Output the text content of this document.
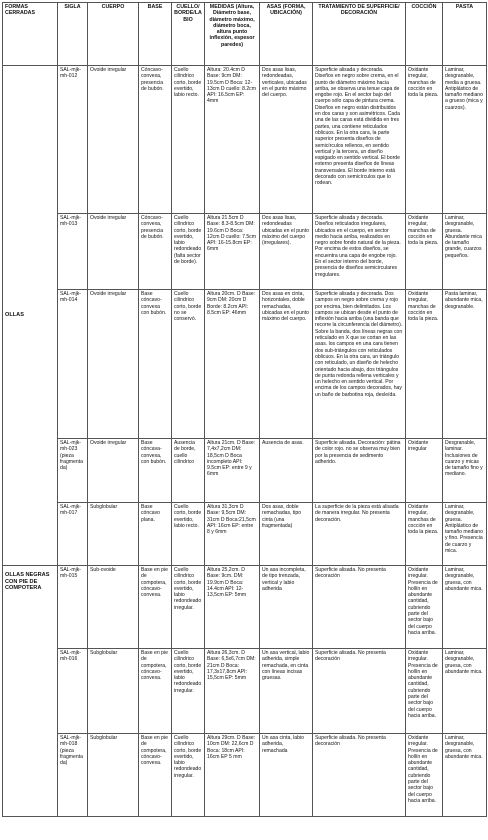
FORMAS CERRADAS	SIGLA	CUERPO	BASE	CUELLO/ BORDE/LABIO	MEDIDAS (Altura, Diámetro base, diámetro máximo, diámetro boca, altura punto inflexión, espesor paredes)	ASAS (FORMA, UBICACIÓN)	TRATAMIENTO DE SUPERFICIE/ DECORACIÓN	COCCIÓN	PASTA
OLLAS	SAL-mjk-mh-012	Ovoide irregular	Cóncavo-convexa, presencia de bubón.	Cuello cilíndrico corto, borde evertido, labio recto.	Altura: 20.4cm D Base: 9cm DM: 19.5cm D Boca: 12-13cm D cuello: 8.2cm API: 16.5cm EP: 4mm	Dos asas lisas, redondeadas, verticales, ubicadas en el punto máximo del cuerpo.	Superficie alisada y decorada. Diseños en negro sobre crema, en el punto de diámetro máximo hacia arriba, se observa una tenue capa de engobe rojo. En el sector bajo del cuerpo sólo capa de pintura crema. Diseños en negro están distribuidos en dos caras y son asimétricos. Cada una de las caras está dividida en tres partes, una contiene reticulados oblicuos. En la otra cara, la parte superior presenta diseños de semicírculos rellenos, en sentido vertical y la tercera, un diseño espigado en sentido vertical. El borde externo presenta diseños de líneas transversales. El borde interno está decorado con semicírculos que lo rodean.	Oxidante irregular, manchas de cocción en toda la pieza.	Laminar, desgranable, media a gruesa. Antiplástico de tamaño mediano a grueso (mica y cuarzos).
	SAL-mjk-mh-013	Ovoide irregular	Cóncavo-convexa, presencia de bubón.	Cuello cilíndrico corto, borde evertido, labio redondeado (falta sector de borde).	Altura 21.5cm D Base: 8.3-8.5cm DM: 19.6cm D Boca: 12cm D cuello: 7.5cm API: 16-15.8cm EP: 6mm	Dos asas lisas, redondeadas ubicadas en el punto máximo del cuerpo (irregulares).	Superficie alisada y decorada. Diseños reticulados irregulares, ubicados en el cuerpo, en sector medio hacia arriba, realizados en negro sobre fondo natural de la pieza. Por encima de estos diseños, se encuentra una capa de engobe rojo. En el sector interno del borde, presencia de diseños semicirculares irregulares.	Oxidante irregular, manchas de cocción en toda la pieza.	Laminar, desgranable, gruesa. Abundante mica de tamaño grande, cuarzos pequeños.
	SAL-mjk-mh-014	Ovoide irregular	Base cóncavo-convexa con bubón.	Cuello cilíndrico corto, borde no se conservó.	Altura 20cm. D Base: 9cm DM: 20cm D Borde: 8.2cm API: 8.5cm EP: 46mm	Dos asas en cinta, horizontales, doble remachadas, ubicadas en el punto máximo del cuerpo.	Superficie alisada y decorada. Dos campos en negro sobre crema y rojo por encima, bien delimitados. Los campos se ubican desde el punto de inflexión hacia arriba (una banda que recorre la circunferencia del diámetro). Sobre la banda, dos líneas negras con reticulado en X que se cortan en las asas. los campos en una cara tienen dos sub-triángulos con reticulados oblicuos. En la otra cara, un triángulo con reticulado, un diseño de helecho orientado hacia abajo, dos triángulos de punta redonda rellena verticales y un helecho en sentido vertical. Por encima de los campos decorados, hay un baño de barbotina roja, desleída.	Oxidante irregular, manchas de cocción en toda la pieza.	Pasta laminar, abundante mica, desgranable.
	SAL-mjk-mh-023 (pieza fragmentada)	Ovoide irregular	Base cóncava-convexa, con bubón.	Ausencia de borde, cuello cilíndrico	Altura 21cm. D Base: 7,4x7,2cm DM: 18,5cm D Boca incompleto API: 9.5cm EP: entre 9 y 6mm	Ausencia de asas.	Superficie alisada. Decoración: pátina de color rojo. no se observa muy bien por la presencia de sedimento adherido.	Oxidante irregular	Desgranable, laminar. Inclusiones de cuarzo y micas de tamaño fino y mediano.
	SAL-mjk-mh-017	Subglobular	Base cóncavo plana.	Cuello corto, borde evertido, labio recto.	Altura 31,3cm D Base: 9,5cm DM: 31cm D Boca:21,5cm API: 16cm EP: entre 8 y 6mm	Dos asas, doble remachadas, tipo cinta (una fragmentada)	La superficie de la pieza está alisada de manera irregular. No presenta decoración.	Oxidante irregular, manchas de cocción en toda la pieza.	Laminar, desgranable, gruesa. Antiplástico de tamaño mediano y fino. Presencia de cuarzo y mica.
OLLAS NEGRAS CON PIE DE COMPOTERA	SAL-mjk-mh-015	Sub-ovoide	Base en pie de compotera, cóncavo-convexa.	Cuello cilíndrico corto, borde evertido, labio redondeado irregular.	Altura 25,2cm. D Base: 9cm. DM: 19.9cm D Boca: 14.4cm API: 12-13,5cm EP: 5mm	Un asa incompleta, de tipo trenzada, vertical y labio adherida	Superficie alisada. No presenta decoración	Oxidante irregular. Presencia de hollín en abundante cantidad, cubriendo parte del sector bajo del cuerpo hacia arriba.	Laminar, desgranable, gruesa, con abundante mica.
	SAL-mjk-mh-016	Subglobular	Base en pie de compotera, cóncavo-convexa.	Cuello cilíndrico corto, borde evertido, labio redondeado irregular.	Altura 26,3cm. D Base: 6,5x6,7cm DM: 21cm D Boca: 17,3x17,8cm API: 15,5cm EP: 5mm	Un asa vertical, labio adherida, simple remachada, en cinta con líneas incisas gruesas.	Superficie alisada. No presenta decoración	Oxidante irregular. Presencia de hollín en abundante cantidad, cubriendo parte del sector bajo del cuerpo hacia arriba.	Laminar, desgranable, gruesa, con abundante mica.
	SAL-mjk-mh-018 (pieza fragmentada)	Subglobular	Base en pie de compotera, cóncavo-convexa.	Cuello cilíndrico corto, borde evertido, labio redondeado irregular.	Altura 29cm. D Base: 10cm DM: 22,6cm D Boca: 18cm API: 16cm EP 5 mm	Un asa cinta, labio adherida, remachada	Superficie alisada. No presenta decoración	Oxidante irregular. Presencia de hollín en abundante cantidad, cubriendo parte del sector bajo del cuerpo hacia arriba.	Laminar, desgranable, gruesa, con abundante mica.
